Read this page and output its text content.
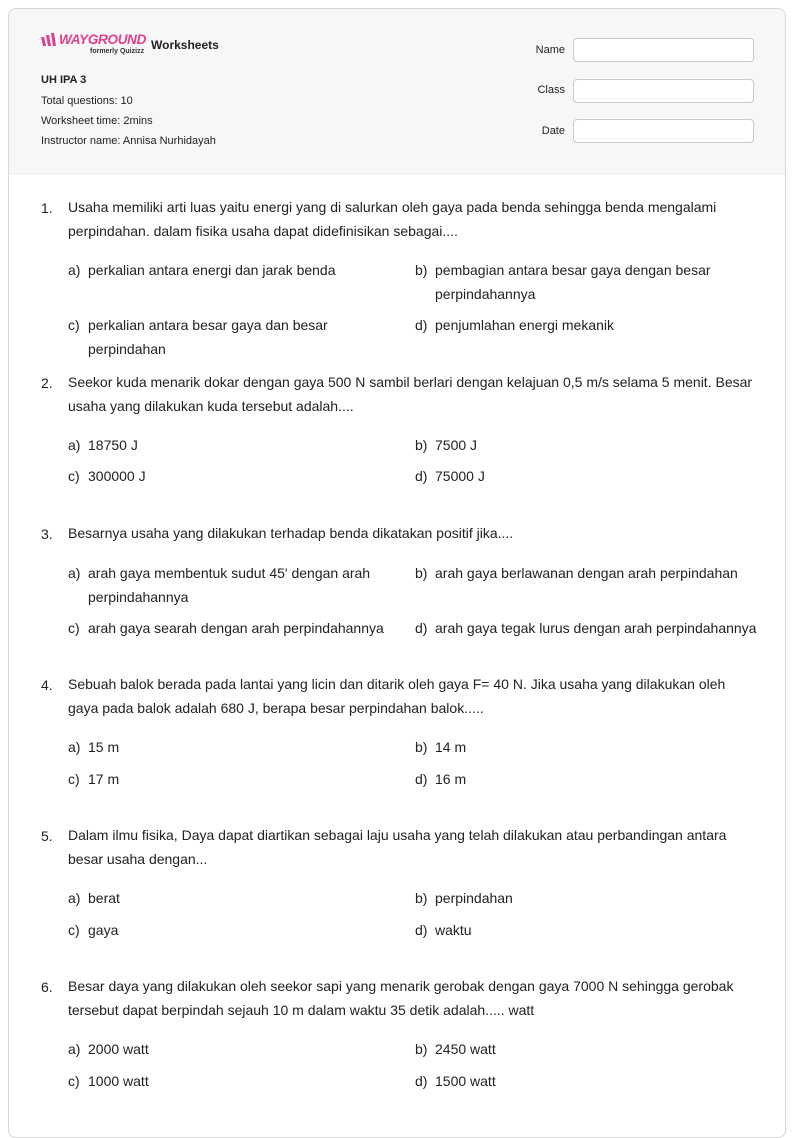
WAYGROUND
formerly Quizizz Worksheets
UH IPA 3
Total questions: 10
Worksheet time: 2mins
Instructor name: Annisa Nurhidayah
Name
Class
Date
1. Usaha memiliki arti luas yaitu energi yang di salurkan oleh gaya pada benda sehingga benda mengalami perpindahan. dalam fisika usaha dapat didefinisikan sebagai....
a) perkalian antara energi dan jarak benda	b) pembagian antara besar gaya dengan besar perpindahannya
c) perkalian antara besar gaya dan besar perpindahan
d) penjumlahan energi mekanik
2. Seekor kuda menarik dokar dengan gaya 500 N sambil berlari dengan kelajuan 0,5 m/s selama 5 menit. Besar usaha yang dilakukan kuda tersebut adalah....
a) 18750 J	b) 7500 J
c) 300000 J	d) 75000 J
3. Besarnya usaha yang dilakukan terhadap benda dikatakan positif jika....
a) arah gaya membentuk sudut 45' dengan arah perpindahannya
b) arah gaya berlawanan dengan arah perpindahan
c) arah gaya searah dengan arah perpindahannya d) arah gaya tegak lurus dengan arah perpindahannya
4. Sebuah balok berada pada lantai yang licin dan ditarik oleh gaya F= 40 N. Jika usaha yang dilakukan oleh gaya pada balok adalah 680 J, berapa besar perpindahan balok.....
a) 15 m	b) 14 m
c) 17 m	d) 16 m
5. Dalam ilmu fisika, Daya dapat diartikan sebagai laju usaha yang telah dilakukan atau perbandingan antara besar usaha dengan...
a) berat	b) perpindahan
c) gaya	d) waktu
6. Besar daya yang dilakukan oleh seekor sapi yang menarik gerobak dengan gaya 7000 N sehingga gerobak tersebut dapat berpindah sejauh 10 m dalam waktu 35 detik adalah..... watt
a) 2000 watt	b) 2450 watt
c) 1000 watt	d) 1500 watt
